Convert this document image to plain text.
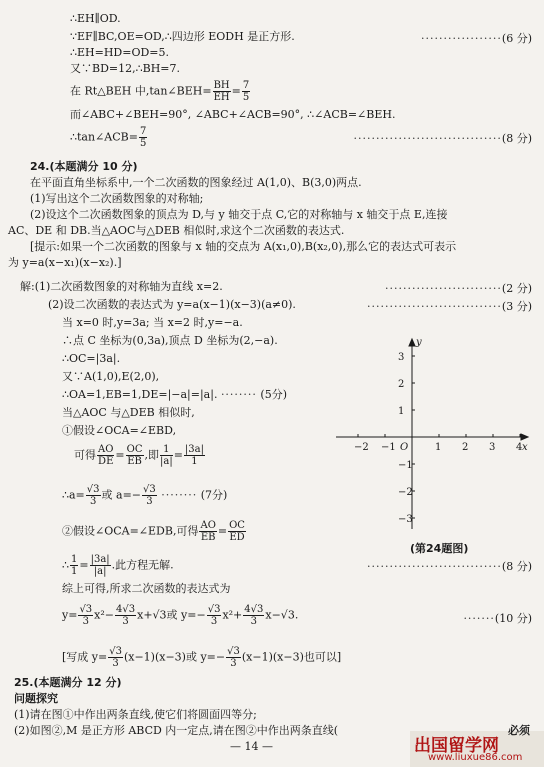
∴EH∥OD.
∵EF∥BC,OE=OD,∴四边形 EODH 是正方形.	··················(6 分)
∴EH=HD=OD=5.
又∵BD=12,∴BH=7.
在 Rt△BEH 中,tan∠BEH= $\frac{BH}{EH} = \frac{7}{5}$
而∠ABC+∠BEH=90°, ∠ABC+∠ACB=90°, ∴∠ACB=∠BEH.
∴tan∠ACB= $\frac{7}{5}$	·································(8 分)
24.(本题满分 10 分)
在平面直角坐标系中,一个二次函数的图象经过 A(1,0)、B(3,0)两点.
(1)写出这个二次函数图象的对称轴;
(2)设这个二次函数图象的顶点为 D,与 y 轴交于点 C,它的对称轴与 x 轴交于点 E,连接
AC、DE 和 DB.当△AOC与△DEB 相似时,求这个二次函数的表达式.
[提示:如果一个二次函数的图象与 x 轴的交点为 A(x₁,0),B(x₂,0),那么它的表达式可表示
为 y=a(x−x₁)(x−x₂).]
解:(1)二次函数图象的对称轴为直线 x=2.	··························(2 分)
(2)设二次函数的表达式为 y=a(x−1)(x−3)(a≠0).	······························(3 分)
当 x=0 时,y=3a; 当 x=2 时,y=−a.
∴点 C 坐标为(0,3a),顶点 D 坐标为(2,−a).
∴OC=|3a|.
又∵A(1,0),E(2,0),
∴OA=1,EB=1,DE=|−a|=|a|. ········ (5分)
当△AOC 与△DEB 相似时,
①假设∠OCA=∠EBD,
可得 $\frac{AO}{DE} = \frac{OC}{EB}$ ,即 $\frac{1}{|a|} = \frac{|3a|}{1}$
∴a= $\frac{√3}{3}$ 或 $a=- \frac{√3}{3}$ ········ (7分)
②假设∠OCA=∠EDB,可得 $\frac{AO}{EB} = \frac{OC}{ED}$
∴ $\frac{1}{1} = \frac{|3a|}{|a|}$ .此方程无解.	······························(8 分)
综上可得,所求二次函数的表达式为
$y= \frac{√3}{3} x^2- \frac{4√3}{3} x+√3$或 $y=- \frac{√3}{3} x^2+ \frac{4√3}{3} x-√3$.	·······(10 分)
[写成 $y= \frac{√3}{3} (x-1)(x-3)$或 $y=- \frac{√3}{3} (x-1)(x-3)$也可以]
25.(本题满分 12 分)
问题探究
(1)请在图①中作出两条直线,使它们将圆面四等分;
(2)如图②,M 是正方形 ABCD 内一定点,请在图②中作出两条直线(	必须
−2 −1	1 2 3 4
3
2
1
−1
−2
−3
x
y
O
(第24题图)
— 14 —	出国留学网
www.liuxue86.com
